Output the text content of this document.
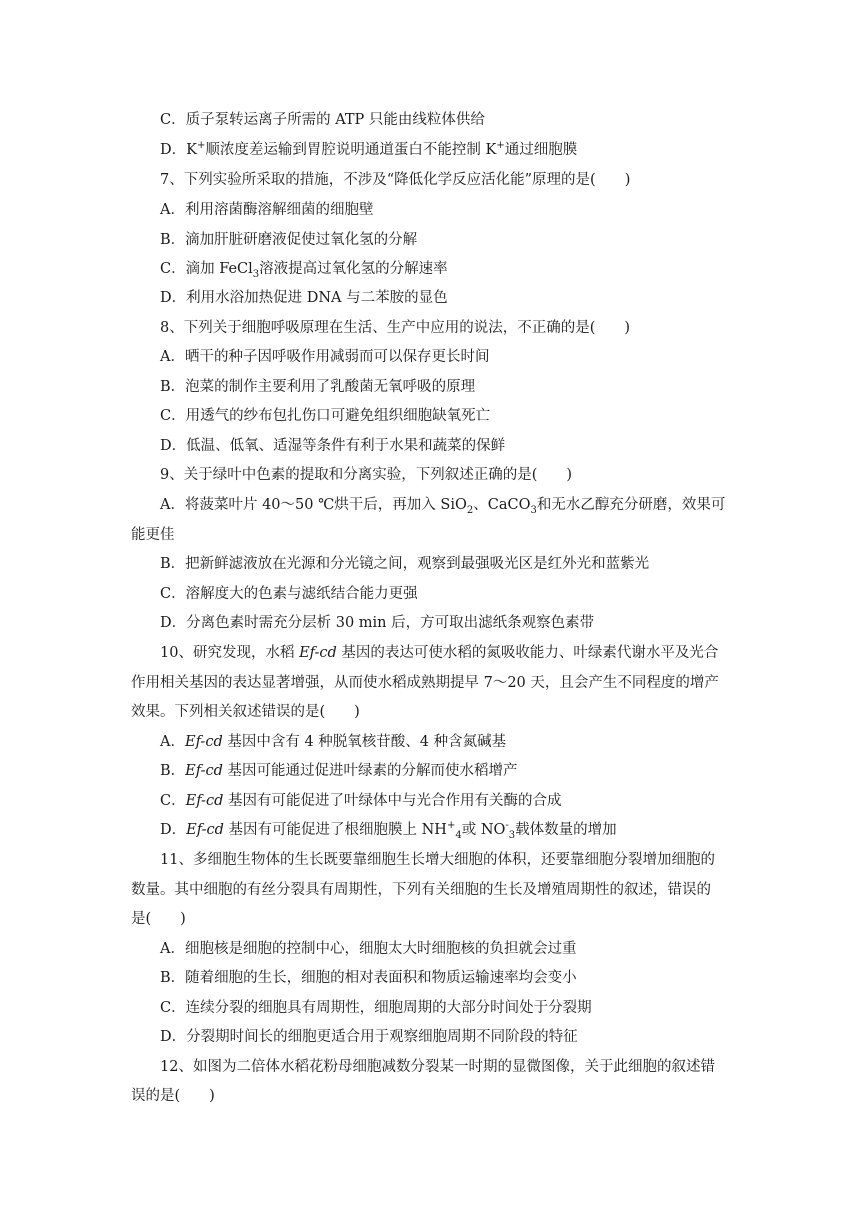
C．质子泵转运离子所需的 ATP 只能由线粒体供给
D．K+顺浓度差运输到胃腔说明通道蛋白不能控制 K+通过细胞膜
7、下列实验所采取的措施，不涉及“降低化学反应活化能”原理的是(　　)
A．利用溶菌酶溶解细菌的细胞壁
B．滴加肝脏研磨液促使过氧化氢的分解
C．滴加 FeCl$_3$溶液提高过氧化氢的分解速率
D．利用水浴加热促进 DNA 与二苯胺的显色
8、下列关于细胞呼吸原理在生活、生产中应用的说法，不正确的是(　　)
A．晒干的种子因呼吸作用减弱而可以保存更长时间
B．泡菜的制作主要利用了乳酸菌无氧呼吸的原理
C．用透气的纱布包扎伤口可避免组织细胞缺氧死亡
D．低温、低氧、适湿等条件有利于水果和蔬菜的保鲜
9、关于绿叶中色素的提取和分离实验，下列叙述正确的是(　　)
A．将菠菜叶片 40～50 ℃烘干后，再加入 SiO$_2$、CaCO$_3$和无水乙醇充分研磨，效果可
能更佳
B．把新鲜滤液放在光源和分光镜之间，观察到最强吸光区是红外光和蓝紫光
C．溶解度大的色素与滤纸结合能力更强
D．分离色素时需充分层析 30 min 后，方可取出滤纸条观察色素带
10、研究发现，水稻 Ef-cd 基因的表达可使水稻的氮吸收能力、叶绿素代谢水平及光合
作用相关基因的表达显著增强，从而使水稻成熟期提早 7～20 天，且会产生不同程度的增产
效果。下列相关叙述错误的是(　　)
A．Ef-cd 基因中含有 4 种脱氧核苷酸、4 种含氮碱基
B．Ef-cd 基因可能通过促进叶绿素的分解而使水稻增产
C．Ef-cd 基因有可能促进了叶绿体中与光合作用有关酶的合成
D．Ef-cd 基因有可能促进了根细胞膜上 $NH^+_4$或 $NO^-_3$载体数量的增加
11、多细胞生物体的生长既要靠细胞生长增大细胞的体积，还要靠细胞分裂增加细胞的
数量。其中细胞的有丝分裂具有周期性，下列有关细胞的生长及增殖周期性的叙述，错误的
是(　　)
A．细胞核是细胞的控制中心，细胞太大时细胞核的负担就会过重
B．随着细胞的生长，细胞的相对表面积和物质运输速率均会变小
C．连续分裂的细胞具有周期性，细胞周期的大部分时间处于分裂期
D．分裂期时间长的细胞更适合用于观察细胞周期不同阶段的特征
12、如图为二倍体水稻花粉母细胞减数分裂某一时期的显微图像，关于此细胞的叙述错
误的是(　　)
